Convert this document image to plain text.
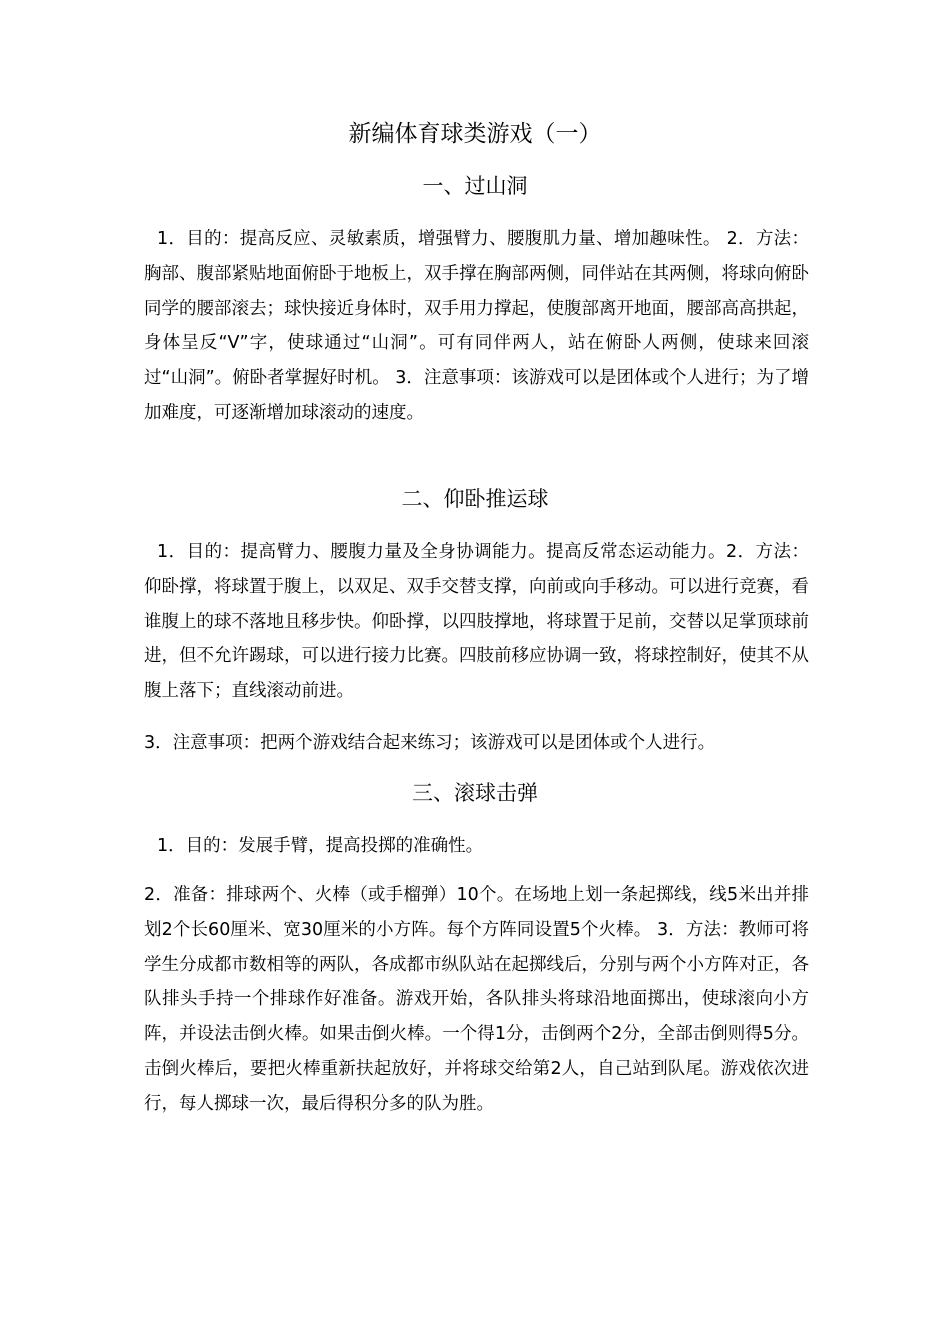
新编体育球类游戏（一）
一、过山洞
1．目的：提高反应、灵敏素质，增强臂力、腰腹肌力量、增加趣味性。 2．方法：胸部、腹部紧贴地面俯卧于地板上，双手撑在胸部两侧，同伴站在其两侧，将球向俯卧同学的腰部滚去；球快接近身体时，双手用力撑起，使腹部离开地面，腰部高高拱起，身体呈反“V”字，使球通过“山洞”。可有同伴两人，站在俯卧人两侧，使球来回滚过“山洞”。俯卧者掌握好时机。 3．注意事项：该游戏可以是团体或个人进行；为了增加难度，可逐渐增加球滚动的速度。
二、仰卧推运球
1．目的：提高臂力、腰腹力量及全身协调能力。提高反常态运动能力。2．方法：仰卧撑，将球置于腹上，以双足、双手交替支撑，向前或向手移动。可以进行竞赛，看谁腹上的球不落地且移步快。仰卧撑，以四肢撑地，将球置于足前，交替以足掌顶球前进，但不允许踢球，可以进行接力比赛。四肢前移应协调一致，将球控制好，使其不从腹上落下；直线滚动前进。
3．注意事项：把两个游戏结合起来练习；该游戏可以是团体或个人进行。
三、滚球击弹
1．目的：发展手臂，提高投掷的准确性。
2．准备：排球两个、火棒（或手榴弹）10个。在场地上划一条起掷线，线5米出并排划2个长60厘米、宽30厘米的小方阵。每个方阵同设置5个火棒。 3．方法：教师可将学生分成都市数相等的两队，各成都市纵队站在起掷线后，分别与两个小方阵对正，各队排头手持一个排球作好准备。游戏开始，各队排头将球沿地面掷出，使球滚向小方阵，并设法击倒火棒。如果击倒火棒。一个得1分，击倒两个2分，全部击倒则得5分。击倒火棒后，要把火棒重新扶起放好，并将球交给第2人，自己站到队尾。游戏依次进行，每人掷球一次，最后得积分多的队为胜。
